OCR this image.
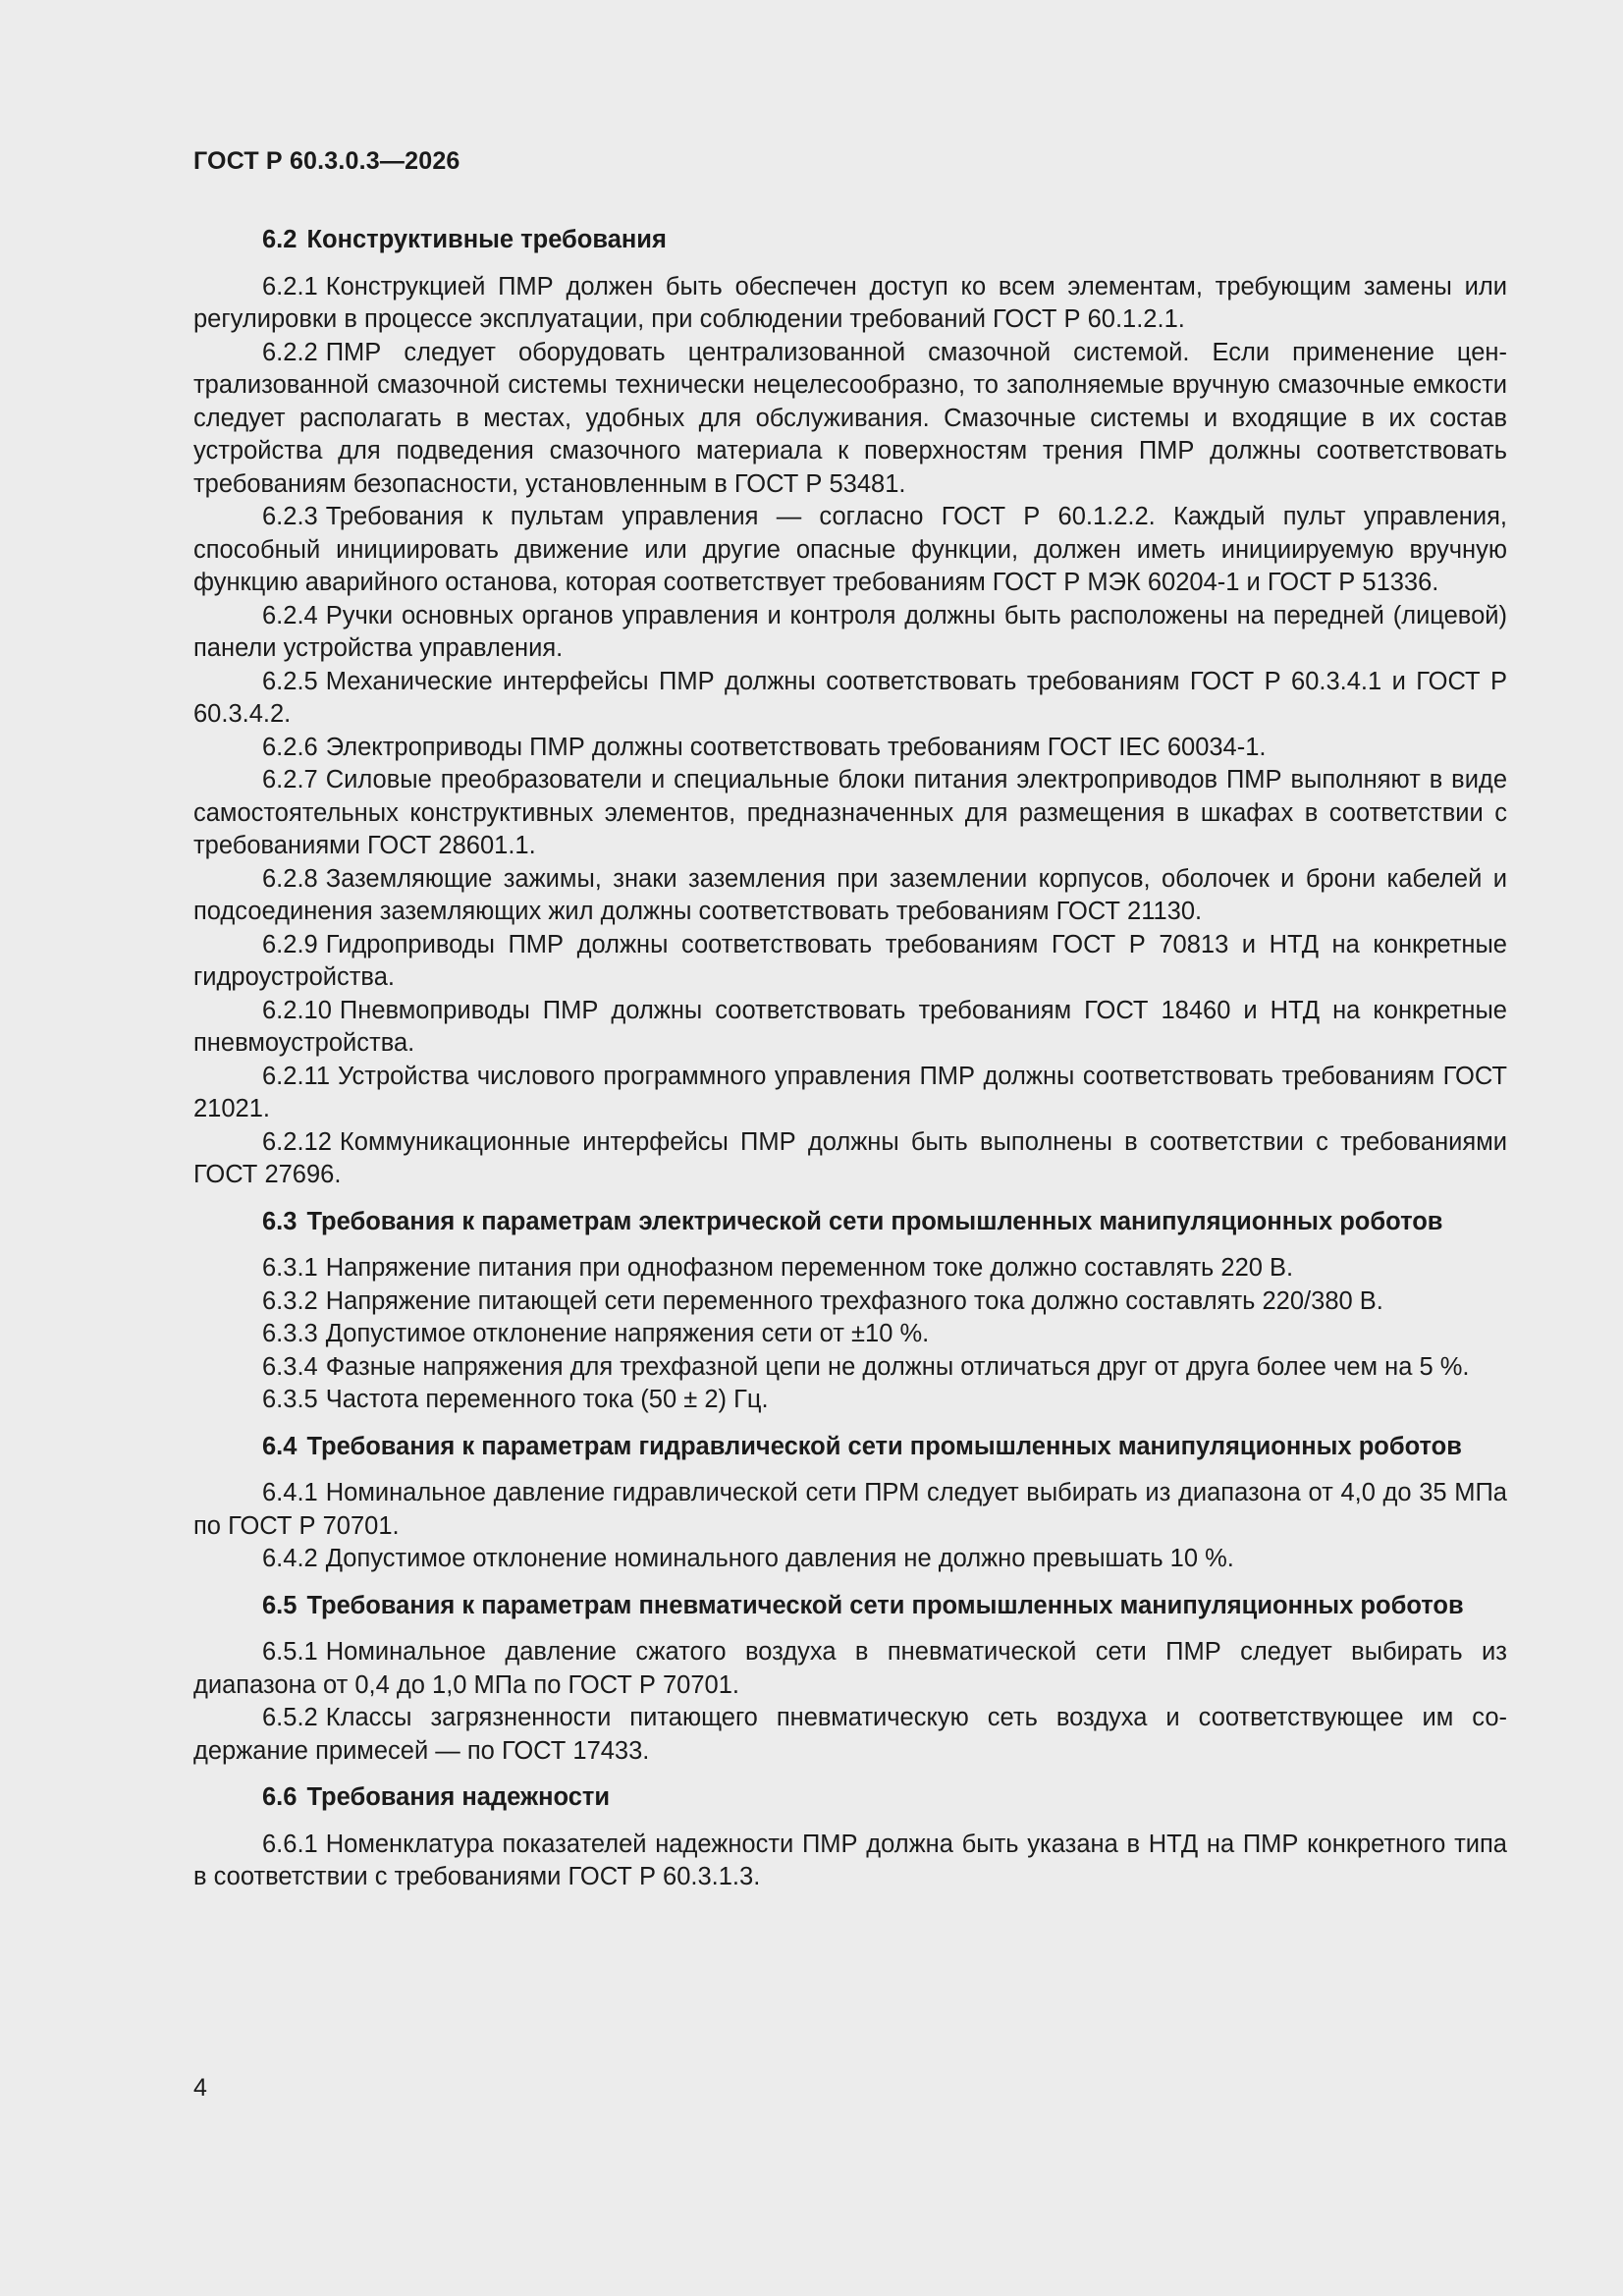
ГОСТ Р 60.3.0.3—2026
6.2 Конструктивные требования

6.2.1 Конструкцией ПМР должен быть обеспечен доступ ко всем элементам, требующим замены или регулировки в процессе эксплуатации, при соблюдении требований ГОСТ Р 60.1.2.1.

6.2.2 ПМР следует оборудовать централизованной смазочной системой. Если применение централизованной смазочной системы технически нецелесообразно, то заполняемые вручную смазочные емкости следует располагать в местах, удобных для обслуживания. Смазочные системы и входящие в их состав устройства для подведения смазочного материала к поверхностям трения ПМР должны соответствовать требованиям безопасности, установленным в ГОСТ Р 53481.

6.2.3 Требования к пультам управления — согласно ГОСТ Р 60.1.2.2. Каждый пульт управления, способный инициировать движение или другие опасные функции, должен иметь инициируемую вручную функцию аварийного останова, которая соответствует требованиям ГОСТ Р МЭК 60204-1 и ГОСТ Р 51336.

6.2.4 Ручки основных органов управления и контроля должны быть расположены на передней (лицевой) панели устройства управления.

6.2.5 Механические интерфейсы ПМР должны соответствовать требованиям ГОСТ Р 60.3.4.1 и ГОСТ Р 60.3.4.2.

6.2.6 Электроприводы ПМР должны соответствовать требованиям ГОСТ IEC 60034-1.

6.2.7 Силовые преобразователи и специальные блоки питания электроприводов ПМР выполняют в виде самостоятельных конструктивных элементов, предназначенных для размещения в шкафах в соответствии с требованиями ГОСТ 28601.1.

6.2.8 Заземляющие зажимы, знаки заземления при заземлении корпусов, оболочек и брони кабелей и подсоединения заземляющих жил должны соответствовать требованиям ГОСТ 21130.

6.2.9 Гидроприводы ПМР должны соответствовать требованиям ГОСТ Р 70813 и НТД на конкретные гидроустройства.

6.2.10 Пневмоприводы ПМР должны соответствовать требованиям ГОСТ 18460 и НТД на конкретные пневмоустройства.

6.2.11 Устройства числового программного управления ПМР должны соответствовать требованиям ГОСТ 21021.

6.2.12 Коммуникационные интерфейсы ПМР должны быть выполнены в соответствии с требованиями ГОСТ 27696.

6.3 Требования к параметрам электрической сети промышленных манипуляционных роботов

6.3.1 Напряжение питания при однофазном переменном токе должно составлять 220 В.

6.3.2 Напряжение питающей сети переменного трехфазного тока должно составлять 220/380 В.

6.3.3 Допустимое отклонение напряжения сети от ±10 %.

6.3.4 Фазные напряжения для трехфазной цепи не должны отличаться друг от друга более чем на 5 %.

6.3.5 Частота переменного тока (50 ± 2) Гц.

6.4 Требования к параметрам гидравлической сети промышленных манипуляционных роботов

6.4.1 Номинальное давление гидравлической сети ПРМ следует выбирать из диапазона от 4,0 до 35 МПа по ГОСТ Р 70701.

6.4.2 Допустимое отклонение номинального давления не должно превышать 10 %.

6.5 Требования к параметрам пневматической сети промышленных манипуляционных роботов

6.5.1 Номинальное давление сжатого воздуха в пневматической сети ПМР следует выбирать из диапазона от 0,4 до 1,0 МПа по ГОСТ Р 70701.

6.5.2 Классы загрязненности питающего пневматическую сеть воздуха и соответствующее им содержание примесей — по ГОСТ 17433.

6.6 Требования надежности

6.6.1 Номенклатура показателей надежности ПМР должна быть указана в НТД на ПМР конкретного типа в соответствии с требованиями ГОСТ Р 60.3.1.3.

4
